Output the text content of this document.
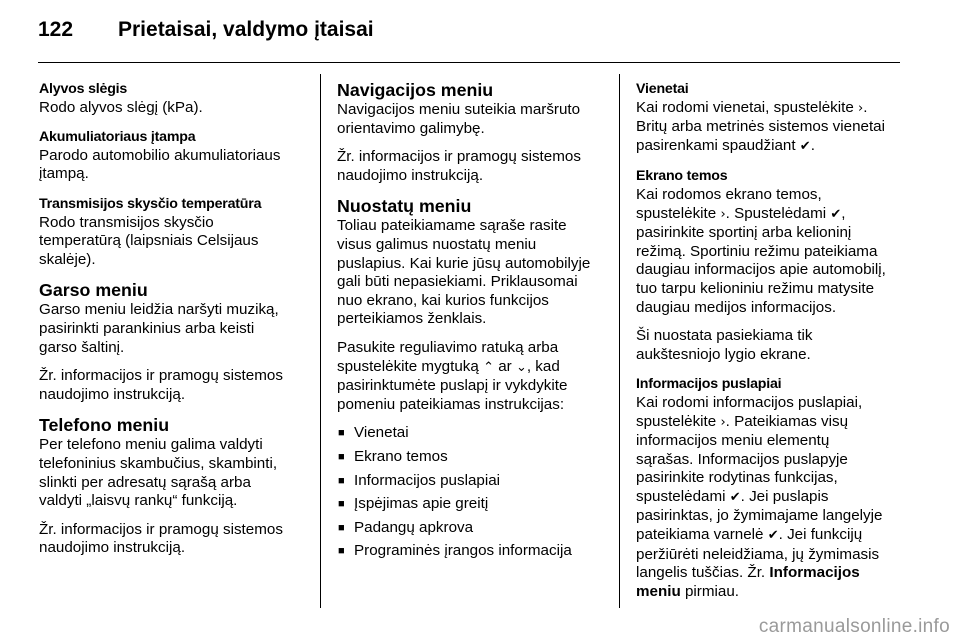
122 Prietaisai, valdymo įtaisai

Alyvos slėgis

Rodo alyvos slėgį (kPa).

Akumuliatoriaus įtampa

Parodo automobilio akumuliatoriaus

įtampą.

Transmisijos skysčio temperatūra

Rodo transmisijos skysčio

temperatūrą (laipsniais Celsijaus

skalėje).

Garso meniu

Garso meniu leidžia naršyti muziką,

pasirinkti parankinius arba keisti

garso šaltinį.

Žr. informacijos ir pramogų sistemos

naudojimo instrukciją.

Telefono meniu

Per telefono meniu galima valdyti

telefoninius skambučius, skambinti,

slinkti per adresatų sąrašą arba

valdyti „laisvų rankų“ funkciją.

Žr. informacijos ir pramogų sistemos

naudojimo instrukciją.

Navigacijos meniu

Navigacijos meniu suteikia maršruto

orientavimo galimybę.

Žr. informacijos ir pramogų sistemos

naudojimo instrukciją.

Nuostatų meniu

Toliau pateikiamame sąraše rasite

visus galimus nuostatų meniu

puslapius. Kai kurie jūsų automobilyje

gali būti nepasiekiami. Priklausomai

nuo ekrano, kai kurios funkcijos

perteikiamos ženklais.

Pasukite reguliavimo ratuką arba

spustelėkite mygtuką ⌃ ar ⌄, kad

pasirinktumėte puslapį ir vykdykite

pomeniu pateikiamas instrukcijas:

■ Vienetai
■ Ekrano temos
■ Informacijos puslapiai
■ Įspėjimas apie greitį
■ Padangų apkrova
■ Programinės įrangos informacija

Vienetai

Kai rodomi vienetai, spustelėkite ›.

Britų arba metrinės sistemos vienetai

pasirenkami spaudžiant ✔.

Ekrano temos

Kai rodomos ekrano temos,

spustelėkite ›. Spustelėdami ✔,

pasirinkite sportinį arba kelioninį

režimą. Sportiniu režimu pateikiama

daugiau informacijos apie automobilį,

tuo tarpu kelioniniu režimu matysite

daugiau medijos informacijos.

Ši nuostata pasiekiama tik

aukštesniojo lygio ekrane.

Informacijos puslapiai

Kai rodomi informacijos puslapiai,

spustelėkite ›. Pateikiamas visų

informacijos meniu elementų

sąrašas. Informacijos puslapyje

pasirinkite rodytinas funkcijas,

spustelėdami ✔. Jei puslapis

pasirinktas, jo žymimajame langelyje

pateikiama varnelė ✔. Jei funkcijų

peržiūrėti neleidžiama, jų žymimasis

langelis tuščias. Žr. Informacijos

meniu pirmiau.

carmanualsonline.info
